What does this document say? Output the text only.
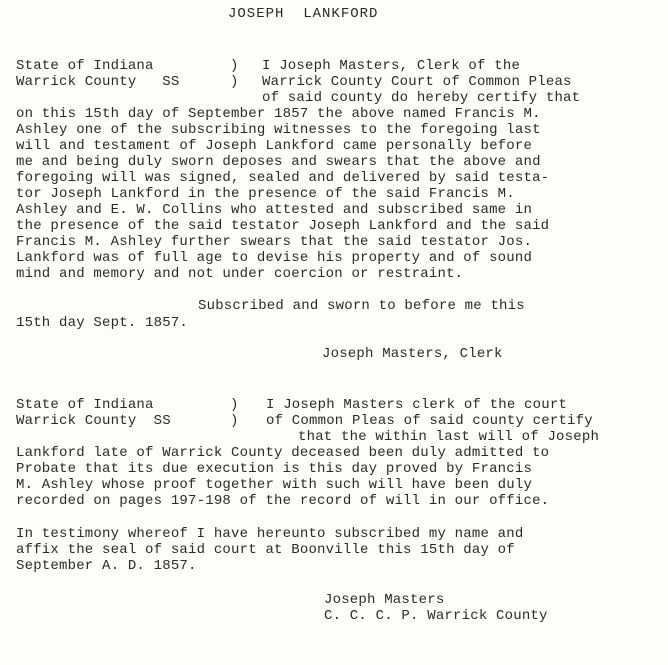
JOSEPH  LANKFORD
State of Indiana
Warrick County   SS
)
)
I Joseph Masters, Clerk of the
Warrick County Court of Common Pleas
of said county do hereby certify that
on this 15th day of September 1857 the above named Francis M.
Ashley one of the subscribing witnesses to the foregoing last
will and testament of Joseph Lankford came personally before
me and being duly sworn deposes and swears that the above and
foregoing will was signed, sealed and delivered by said testa-
tor Joseph Lankford in the presence of the said Francis M.
Ashley and E. W. Collins who attested and subscribed same in
the presence of the said testator Joseph Lankford and the said
Francis M. Ashley further swears that the said testator Jos.
Lankford was of full age to devise his property and of sound
mind and memory and not under coercion or restraint.
Subscribed and sworn to before me this
15th day Sept. 1857.
Joseph Masters, Clerk
State of Indiana
Warrick County  SS
)
)
I Joseph Masters clerk of the court
of Common Pleas of said county certify
that the within last will of Joseph
Lankford late of Warrick County deceased been duly admitted to
Probate that its due execution is this day proved by Francis
M. Ashley whose proof together with such will have been duly
recorded on pages 197-198 of the record of will in our office.
In testimony whereof I have hereunto subscribed my name and
affix the seal of said court at Boonville this 15th day of
September A. D. 1857.
Joseph Masters
C. C. C. P. Warrick County
